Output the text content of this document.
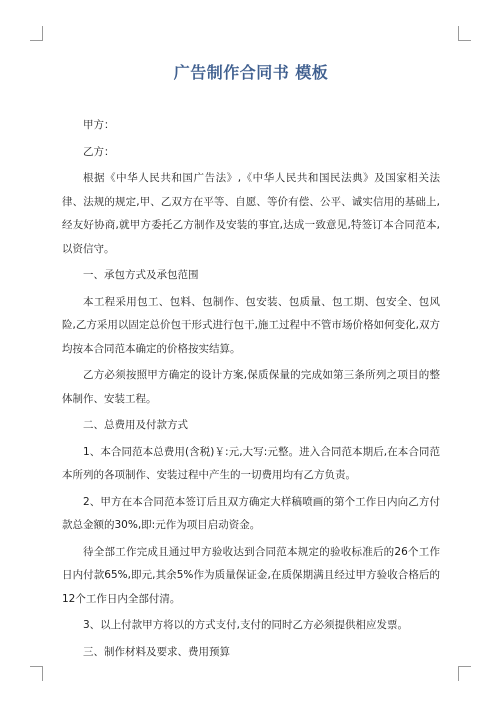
广告制作合同书 模板

甲方：

乙方：

根据《中华人民共和国广告法》,《中华人民共和国民法典》及国家相关法律、法规的规定,甲、乙双方在平等、自愿、等价有偿、公平、诚实信用的基础上,经友好协商,就甲方委托乙方制作及安装的事宜,达成一致意见,特签订本合同范本,以资信守。

一、承包方式及承包范围

本工程采用包工、包料、包制作、包安装、包质量、包工期、包安全、包风险,乙方采用以固定总价包干形式进行包干,施工过程中不管市场价格如何变化,双方均按本合同范本确定的价格按实结算。

乙方必须按照甲方确定的设计方案,保质保量的完成如第三条所列之项目的整体制作、安装工程。

二、总费用及付款方式

1、本合同范本总费用(含税)￥:元,大写:元整。进入合同范本期后,在本合同范本所列的各项制作、安装过程中产生的一切费用均有乙方负责。

2、甲方在本合同范本签订后且双方确定大样稿喷画的第个工作日内向乙方付款总金额的30%,即:元作为项目启动资金。

待全部工作完成且通过甲方验收达到合同范本规定的验收标准后的26个工作日内付款65%,即元,其余5%作为质量保证金,在质保期满且经过甲方验收合格后的12个工作日内全部付清。

3、以上付款甲方将以的方式支付,支付的同时乙方必须提供相应发票。

三、制作材料及要求、费用预算
